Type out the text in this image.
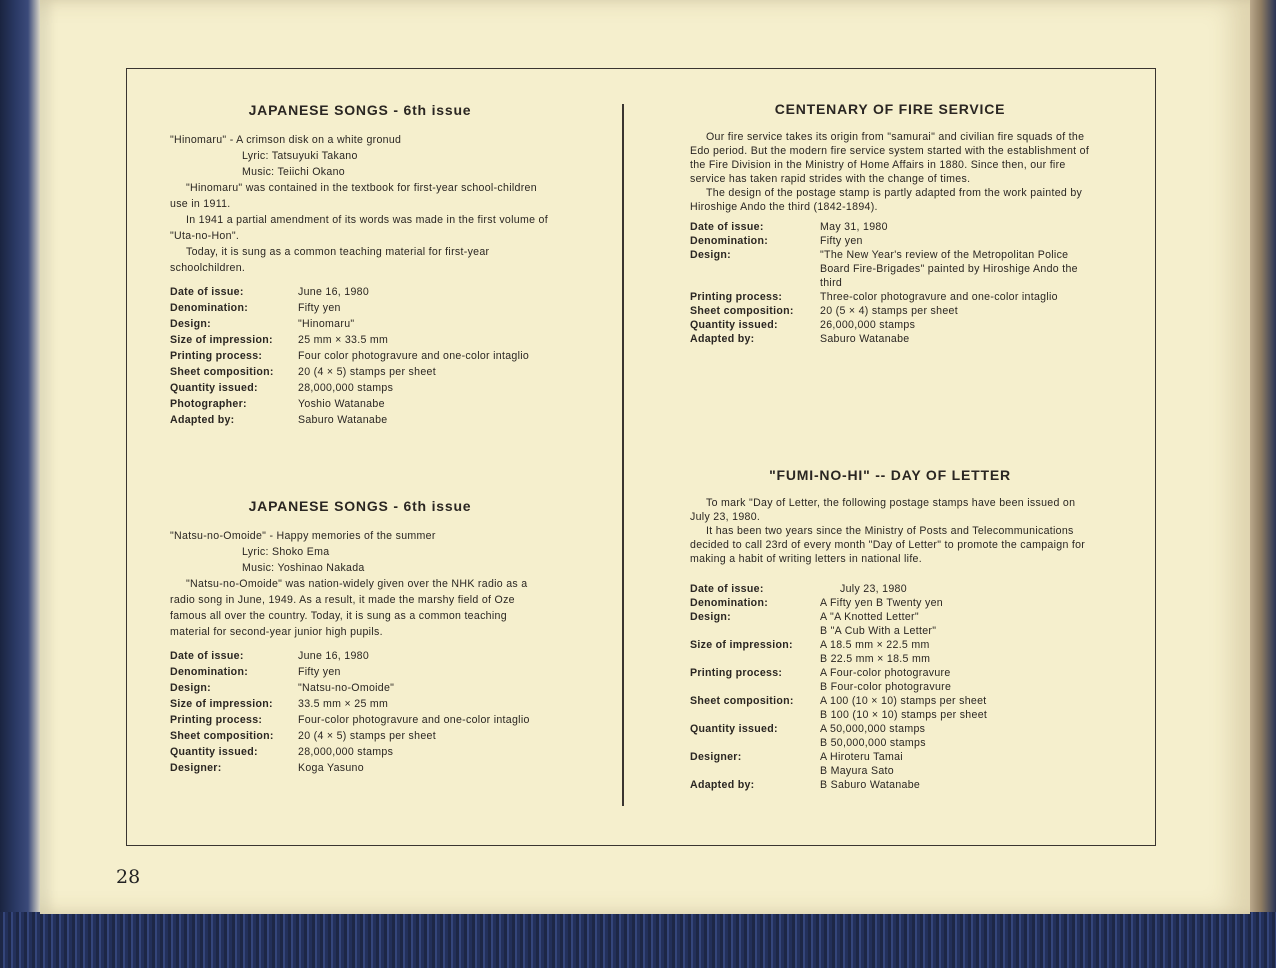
JAPANESE SONGS - 6th issue

"Hinomaru" - A crimson disk on a white gronud

Lyric: Tatsuyuki Takano

Music: Teiichi Okano

"Hinomaru" was contained in the textbook for first-year school-children use in 1911.

In 1941 a partial amendment of its words was made in the first volume of "Uta-no-Hon".

Today, it is sung as a common teaching material for first-year schoolchildren.

Date of issue:	June 16, 1980
Denomination:	Fifty yen
Design:	"Hinomaru"
Size of impression:	25 mm × 33.5 mm
Printing process:	Four color photogravure and one-color intaglio
Sheet composition:	20 (4 × 5) stamps per sheet
Quantity issued:	28,000,000 stamps
Photographer:	Yoshio Watanabe
Adapted by:	Saburo Watanabe
JAPANESE SONGS - 6th issue

"Natsu-no-Omoide" - Happy memories of the summer

Lyric: Shoko Ema

Music: Yoshinao Nakada

"Natsu-no-Omoide" was nation-widely given over the NHK radio as a radio song in June, 1949. As a result, it made the marshy field of Oze famous all over the country. Today, it is sung as a common teaching material for second-year junior high pupils.

Date of issue:	June 16, 1980
Denomination:	Fifty yen
Design:	"Natsu-no-Omoide"
Size of impression:	33.5 mm × 25 mm
Printing process:	Four-color photogravure and one-color intaglio
Sheet composition:	20 (4 × 5) stamps per sheet
Quantity issued:	28,000,000 stamps
Designer:	Koga Yasuno
CENTENARY OF FIRE SERVICE

Our fire service takes its origin from "samurai" and civilian fire squads of the Edo period. But the modern fire service system started with the establishment of the Fire Division in the Ministry of Home Affairs in 1880. Since then, our fire service has taken rapid strides with the change of times.

The design of the postage stamp is partly adapted from the work painted by Hiroshige Ando the third (1842-1894).

Date of issue:	May 31, 1980
Denomination:	Fifty yen
Design:	"The New Year's review of the Metropolitan Police Board Fire-Brigades" painted by Hiroshige Ando the third
Printing process:	Three-color photogravure and one-color intaglio
Sheet composition:	20 (5 × 4) stamps per sheet
Quantity issued:	26,000,000 stamps
Adapted by:	Saburo Watanabe
"FUMI-NO-HI" -- DAY OF LETTER

To mark "Day of Letter, the following postage stamps have been issued on July 23, 1980.

It has been two years since the Ministry of Posts and Telecommunications decided to call 23rd of every month "Day of Letter" to promote the campaign for making a habit of writing letters in national life.

Date of issue:	July 23, 1980
Denomination:	A Fifty yen B Twenty yen
Design:	A "A Knotted Letter"
B "A Cub With a Letter"

Size of impression:	A 18.5 mm × 22.5 mm
B 22.5 mm × 18.5 mm

Printing process:	A Four-color photogravure
B Four-color photogravure

Sheet composition:	A 100 (10 × 10) stamps per sheet
B 100 (10 × 10) stamps per sheet

Quantity issued:	A 50,000,000 stamps
B 50,000,000 stamps

Designer:	A Hiroteru Tamai
B Mayura Sato

Adapted by:	B Saburo Watanabe
28
